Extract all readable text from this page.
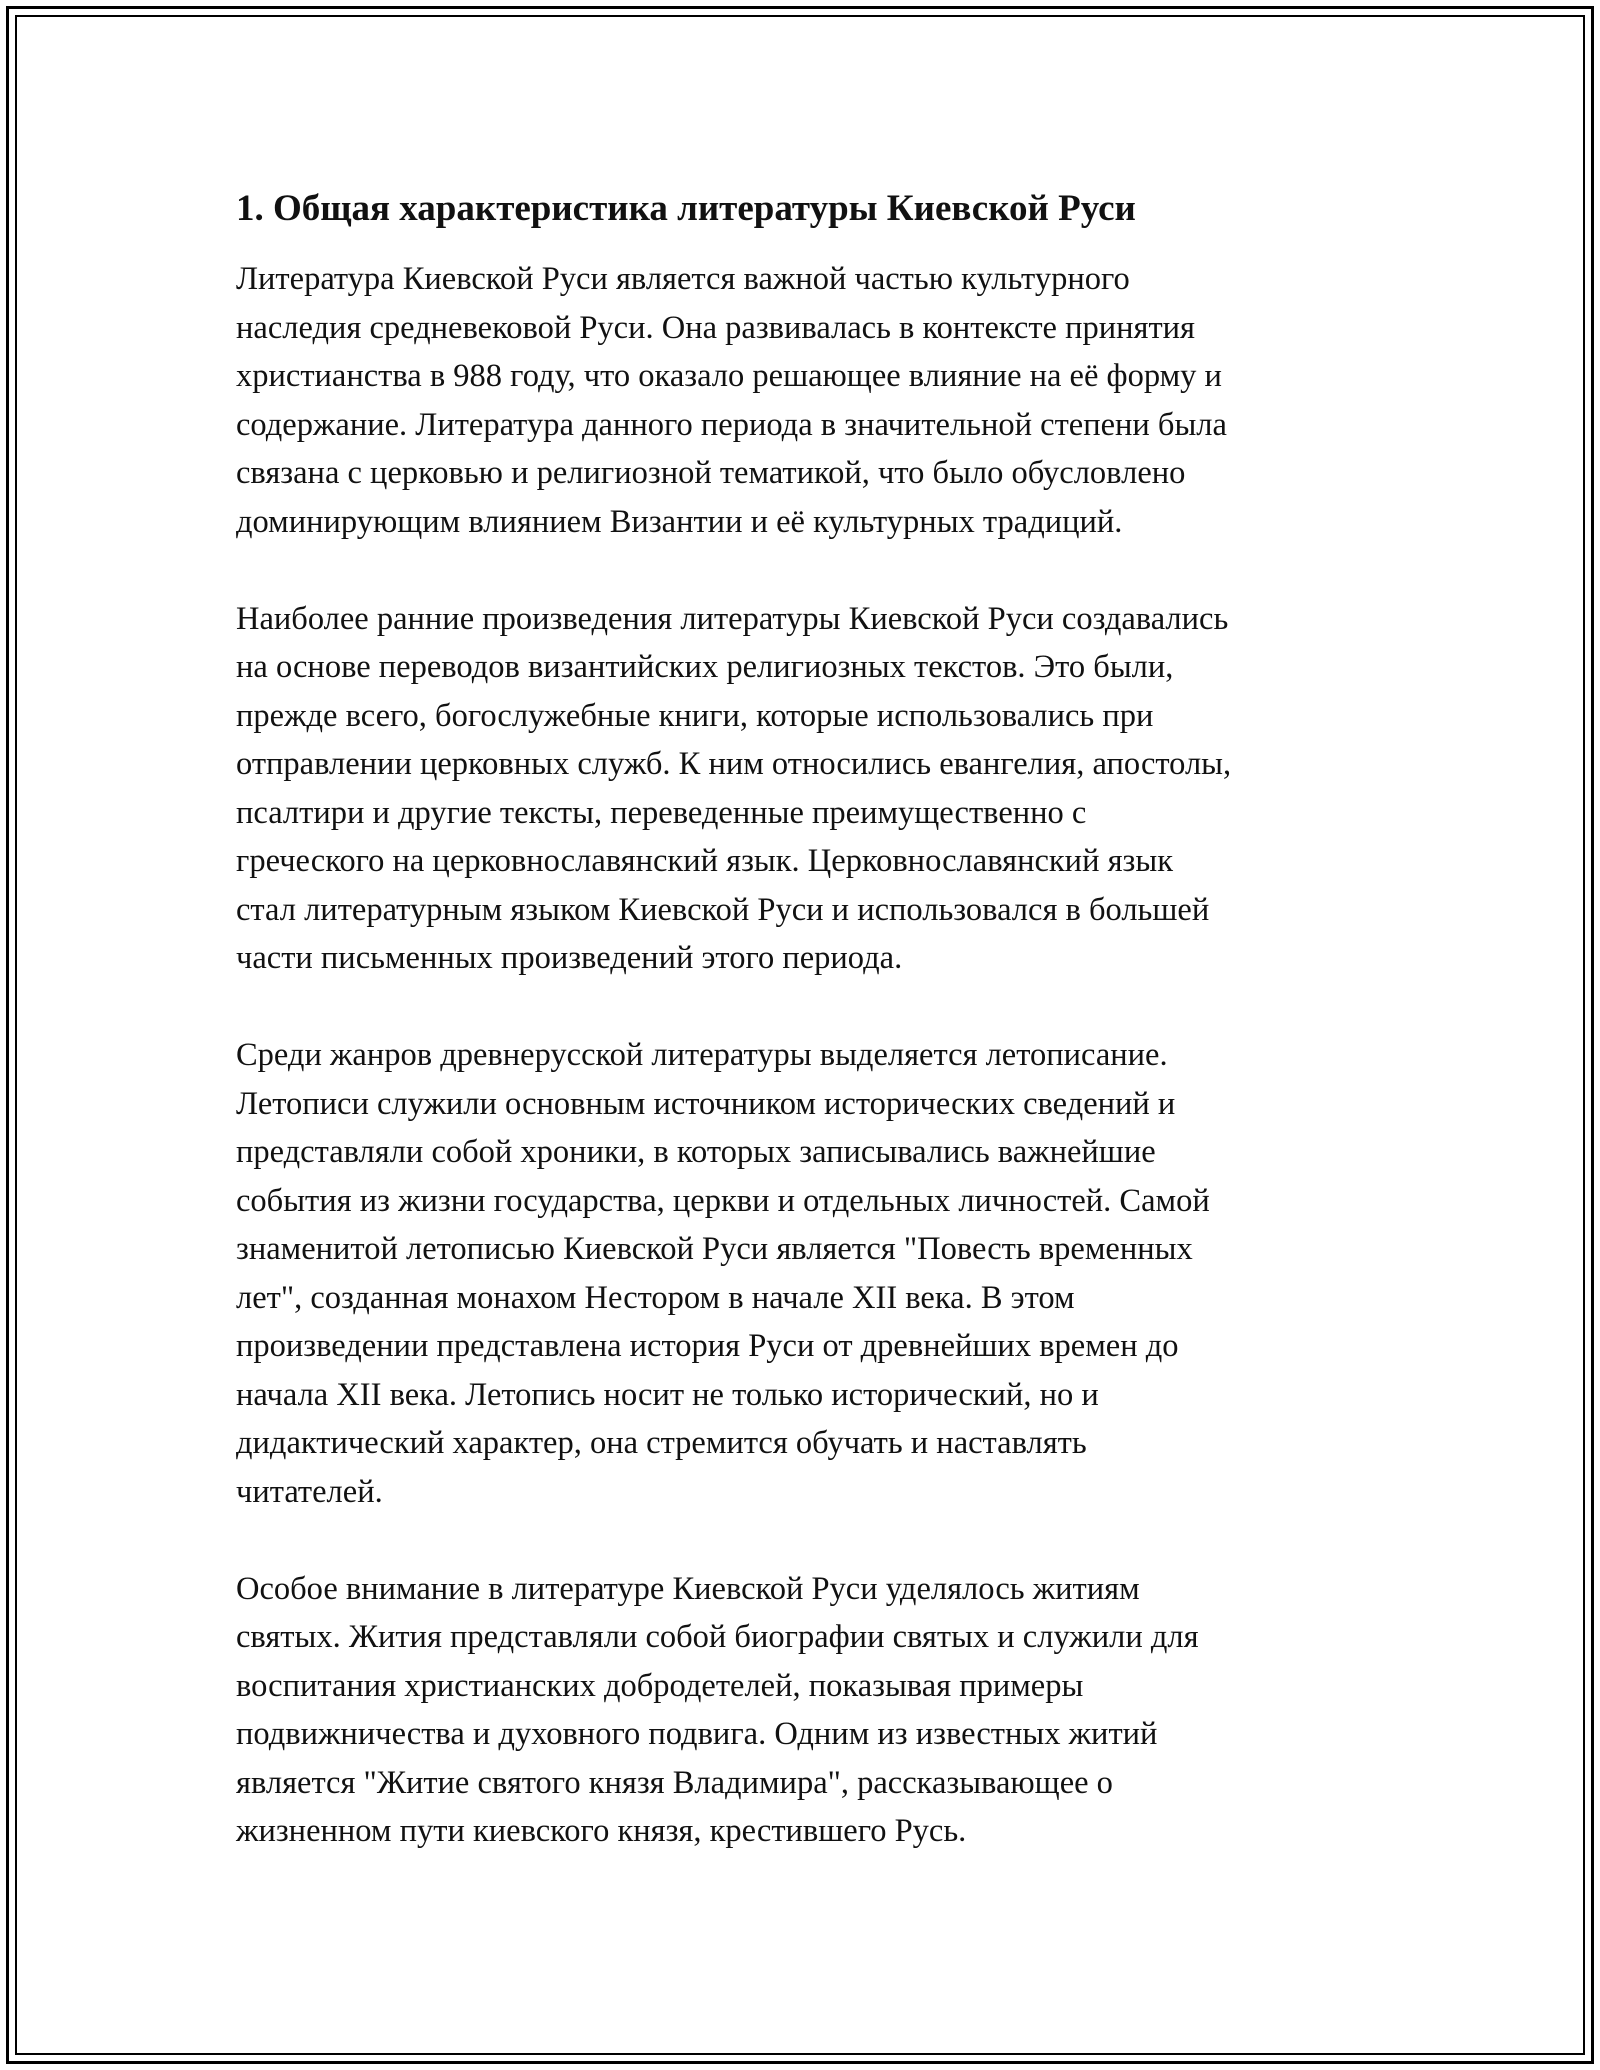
1. Общая характеристика литературы Киевской Руси

Литература Киевской Руси является важной частью культурного
наследия средневековой Руси. Она развивалась в контексте принятия
христианства в 988 году, что оказало решающее влияние на её форму и
содержание. Литература данного периода в значительной степени была
связана с церковью и религиозной тематикой, что было обусловлено
доминирующим влиянием Византии и её культурных традиций.

Наиболее ранние произведения литературы Киевской Руси создавались
на основе переводов византийских религиозных текстов. Это были,
прежде всего, богослужебные книги, которые использовались при
отправлении церковных служб. К ним относились евангелия, апостолы,
псалтири и другие тексты, переведенные преимущественно с
греческого на церковнославянский язык. Церковнославянский язык
стал литературным языком Киевской Руси и использовался в большей
части письменных произведений этого периода.

Среди жанров древнерусской литературы выделяется летописание.
Летописи служили основным источником исторических сведений и
представляли собой хроники, в которых записывались важнейшие
события из жизни государства, церкви и отдельных личностей. Самой
знаменитой летописью Киевской Руси является "Повесть временных
лет", созданная монахом Нестором в начале XII века. В этом
произведении представлена история Руси от древнейших времен до
начала XII века. Летопись носит не только исторический, но и
дидактический характер, она стремится обучать и наставлять
читателей.

Особое внимание в литературе Киевской Руси уделялось житиям
святых. Жития представляли собой биографии святых и служили для
воспитания христианских добродетелей, показывая примеры
подвижничества и духовного подвига. Одним из известных житий
является "Житие святого князя Владимира", рассказывающее о
жизненном пути киевского князя, крестившего Русь.
